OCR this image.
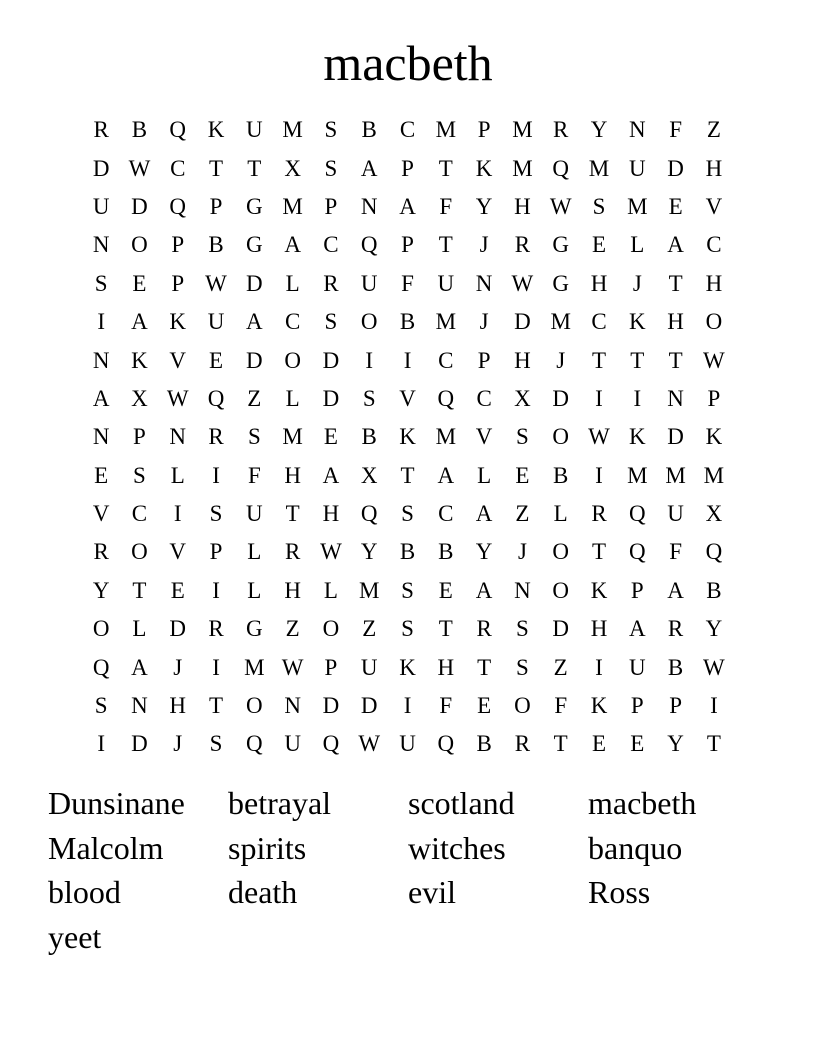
macbeth
R B Q K U M S	B C M P M R Y N	F	Z
D W C	T	T X	S	A	P	T K M Q M U D H
U D Q	P	G M P	N A	F	Y H W S M E V
N O	P	B G A C Q	P	T	J	R G E	L A C
S	E	P W D L	R U	F	U N W G H	J	T H
I	A K U A C	S	O B M	J	D M C K H O
N K V E D O D	I	I	C	P	H	J	T	T	T W
A X W Q Z	L D	S	V Q C X D	I	I	N	P
N	P	N R	S M E	B K M V	S	O W K D K
E	S	L	I	F	H A X T A L	E	B	I	M M M
V C	I	S	U T H Q	S	C A Z	L	R Q U X
R O V	P	L	R W Y B B Y	J	O T Q	F	Q
Y T	E	I	L H L M S	E A N O K	P	A B
O L D R G Z O Z	S	T	R	S	D H A R Y
Q A	J	I	M W P	U K H T	S	Z	I	U B W
S	N H T O N D D	I	F	E O	F	K	P	P	I
I	D	J	S	Q U Q W U Q B R	T	E	E Y T
Dunsinane	betrayal	scotland	macbeth
Malcolm	spirits	witches	banquo
blood	death	evil	Ross
yeet
